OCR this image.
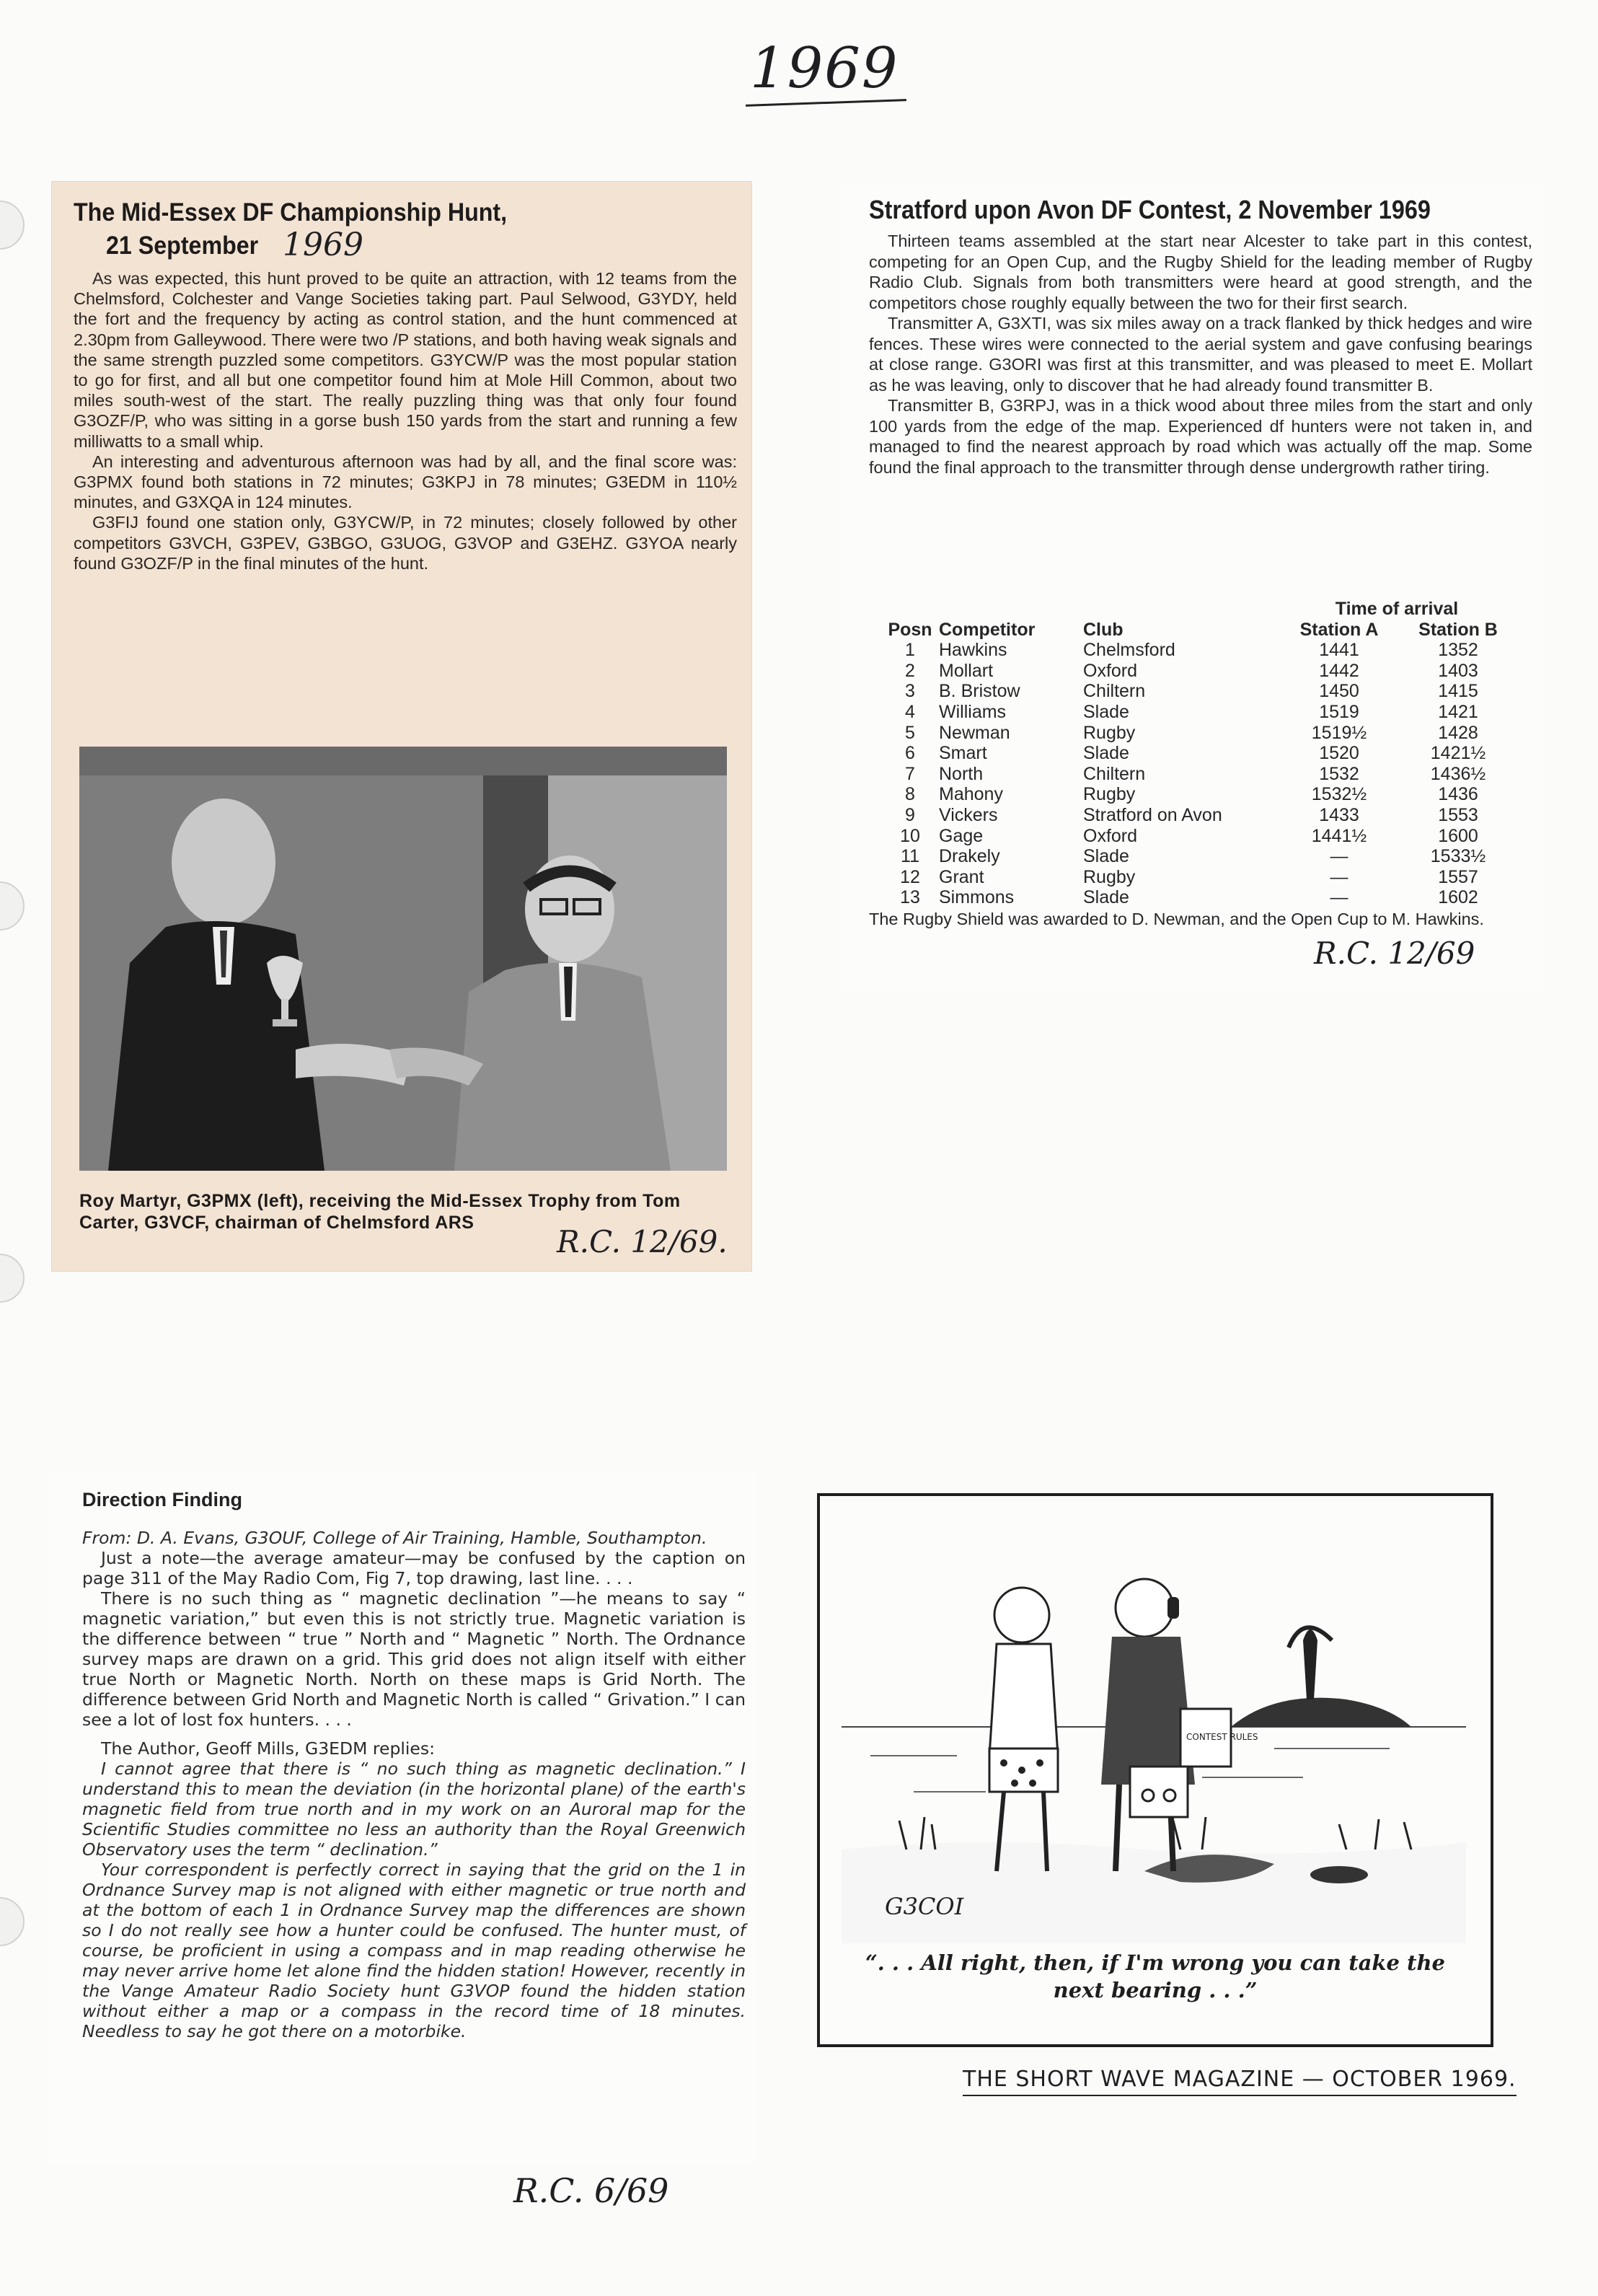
1969
The Mid-Essex DF Championship Hunt,
21 September 1969

As was expected, this hunt proved to be quite an attraction, with 12 teams from the Chelmsford, Colchester and Vange Societies taking part. Paul Selwood, G3YDY, held the fort and the frequency by acting as control station, and the hunt commenced at 2.30pm from Galleywood. There were two /P stations, and both having weak signals and the same strength puzzled some competitors. G3YCW/P was the most popular station to go for first, and all but one competitor found him at Mole Hill Common, about two miles south-west of the start. The really puzzling thing was that only four found G3OZF/P, who was sitting in a gorse bush 150 yards from the start and running a few milliwatts to a small whip.

An interesting and adventurous afternoon was had by all, and the final score was: G3PMX found both stations in 72 minutes; G3KPJ in 78 minutes; G3EDM in 110½ minutes, and G3XQA in 124 minutes.

G3FIJ found one station only, G3YCW/P, in 72 minutes; closely followed by other competitors G3VCH, G3PEV, G3BGO, G3UOG, G3VOP and G3EHZ. G3YOA nearly found G3OZF/P in the final minutes of the hunt.

Roy Martyr, G3PMX (left), receiving the Mid-Essex Trophy from Tom Carter, G3VCF, chairman of Chelmsford ARS
R.C. 12/69.
Stratford upon Avon DF Contest, 2 November 1969

Thirteen teams assembled at the start near Alcester to take part in this contest, competing for an Open Cup, and the Rugby Shield for the leading member of Rugby Radio Club. Signals from both transmitters were heard at good strength, and the competitors chose roughly equally between the two for their first search.

Transmitter A, G3XTI, was six miles away on a track flanked by thick hedges and wire fences. These wires were connected to the aerial system and gave confusing bearings at close range. G3ORI was first at this transmitter, and was pleased to meet E. Mollart as he was leaving, only to discover that he had already found transmitter B.

Transmitter B, G3RPJ, was in a thick wood about three miles from the start and only 100 yards from the edge of the map. Experienced df hunters were not taken in, and managed to find the nearest approach by road which was actually off the map. Some found the final approach to the transmitter through dense undergrowth rather tiring.

			Time of arrival	
Posn	Competitor	Club	Station A	Station B
1	Hawkins	Chelmsford	1441	1352
2	Mollart	Oxford	1442	1403
3	B. Bristow	Chiltern	1450	1415
4	Williams	Slade	1519	1421
5	Newman	Rugby	1519½	1428
6	Smart	Slade	1520	1421½
7	North	Chiltern	1532	1436½
8	Mahony	Rugby	1532½	1436
9	Vickers	Stratford on Avon	1433	1553
10	Gage	Oxford	1441½	1600
11	Drakely	Slade	—	1533½
12	Grant	Rugby	—	1557
13	Simmons	Slade	—	1602
The Rugby Shield was awarded to D. Newman, and the Open Cup to M. Hawkins.
R.C. 12/69
Direction Finding

From: D. A. Evans, G3OUF, College of Air Training, Hamble, Southampton.

Just a note—the average amateur—may be confused by the caption on page 311 of the May Radio Com, Fig 7, top drawing, last line. . . .

There is no such thing as “ magnetic declination ”—he means to say “ magnetic variation,” but even this is not strictly true. Magnetic variation is the difference between “ true ” North and “ Magnetic ” North. The Ordnance survey maps are drawn on a grid. This grid does not align itself with either true North or Magnetic North. North on these maps is Grid North. The difference between Grid North and Magnetic North is called “ Grivation.” I can see a lot of lost fox hunters. . . .

The Author, Geoff Mills, G3EDM replies:

I cannot agree that there is “ no such thing as magnetic declination.” I understand this to mean the deviation (in the horizontal plane) of the earth's magnetic field from true north and in my work on an Auroral map for the Scientific Studies committee no less an authority than the Royal Greenwich Observatory uses the term “ declination.”

Your correspondent is perfectly correct in saying that the grid on the 1 in Ordnance Survey map is not aligned with either magnetic or true north and at the bottom of each 1 in Ordnance Survey map the differences are shown so I do not really see how a hunter could be confused. The hunter must, of course, be proficient in using a compass and in map reading otherwise he may never arrive home let alone find the hidden station! However, recently in the Vange Amateur Radio Society hunt G3VOP found the hidden station without either a map or a compass in the record time of 18 minutes. Needless to say he got there on a motorbike.

R.C. 6/69
CONTEST RULES
G3COI
“. . . All right, then, if I'm wrong you can take the next bearing . . .”
THE SHORT WAVE MAGAZINE — OCTOBER 1969.
